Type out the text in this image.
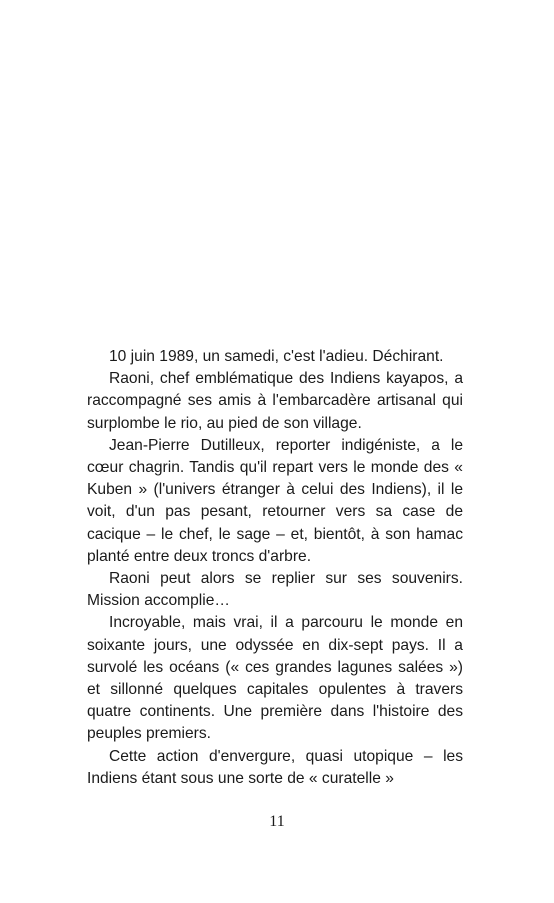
10 juin 1989, un samedi, c'est l'adieu. Déchirant.

Raoni, chef emblématique des Indiens kayapos, a raccompagné ses amis à l'embarcadère artisanal qui surplombe le rio, au pied de son village.

Jean-Pierre Dutilleux, reporter indigéniste, a le cœur chagrin. Tandis qu'il repart vers le monde des « Kuben » (l'univers étranger à celui des Indiens), il le voit, d'un pas pesant, retourner vers sa case de cacique – le chef, le sage – et, bientôt, à son hamac planté entre deux troncs d'arbre.

Raoni peut alors se replier sur ses souvenirs. Mission accomplie…

Incroyable, mais vrai, il a parcouru le monde en soixante jours, une odyssée en dix-sept pays. Il a survolé les océans (« ces grandes lagunes salées ») et sillonné quelques capitales opulentes à travers quatre continents. Une première dans l'histoire des peuples premiers.

Cette action d'envergure, quasi utopique – les Indiens étant sous une sorte de « curatelle »

11
